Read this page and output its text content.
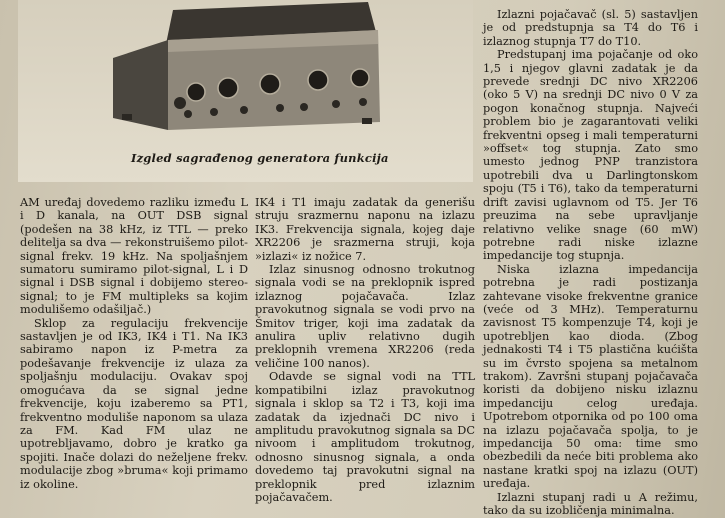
Izgled sagrađenog generatora funkcija

AM uređaj dovedemo razliku između L i D kanala, na OUT DSB signal (podešen na 38 kHz, iz TTL — preko delitelja sa dva — rekonstruišemo pilot-signal frekv. 19 kHz. Na spoljašnjem sumatoru sumiramo pilot-signal, L i D signal i DSB signal i dobijemo stereo-signal; to je FM multipleks sa kojim modulišemo odašiljač.)

Sklop za regulaciju frekvencije sastavljen je od IK3, IK4 i T1. Na IK3 sabiramo napon iz P-metra za podešavanje frekvencije iz ulaza za spoljašnju modulaciju. Ovakav spoj omogućava da se signal jedne frekvencije, koju izaberemo sa PT1, frekventno moduliše naponom sa ulaza za FM. Kad FM ulaz ne upotrebljavamo, dobro je kratko ga spojiti. Inače dolazi do neželjene frekv. modulacije zbog »bruma« koji primamo iz okoline.

IK4 i T1 imaju zadatak da generišu struju srazmernu naponu na izlazu IK3. Frekvencija signala, kojeg daje XR2206 je srazmerna struji, koja »izlazi« iz nožice 7.

Izlaz sinusnog odnosno trokutnog signala vodi se na preklopnik ispred izlaznog pojačavača. Izlaz pravokutnog signala se vodi prvo na Šmitov triger, koji ima zadatak da anulira upliv relativno dugih preklopnih vremena XR2206 (reda veličine 100 nanos).

Odavde se signal vodi na TTL kompatibilni izlaz pravokutnog signala i sklop sa T2 i T3, koji ima zadatak da izjednači DC nivo i amplitudu pravokutnog signala sa DC nivoom i amplitudom trokutnog, odnosno sinusnog signala, a onda dovedemo taj pravokutni signal na preklopnik pred izlaznim pojačavačem.

Izlazni pojačavač (sl. 5) sastavljen je od predstupnja sa T4 do T6 i izlaznog stupnja T7 do T10.

Predstupanj ima pojačanje od oko 1,5 i njegov glavni zadatak je da prevede srednji DC nivo XR2206 (oko 5 V) na srednji DC nivo 0 V za pogon konačnog stupnja. Najveći problem bio je zagarantovati veliki frekventni opseg i mali temperaturni »offset« tog stupnja. Zato smo umesto jednog PNP tranzistora upotrebili dva u Darlingtonskom spoju (T5 i T6), tako da temperaturni drift zavisi uglavnom od T5. Jer T6 preuzima na sebe upravljanje relativno velike snage (60 mW) potrebne radi niske izlazne impedancije tog stupnja.

Niska izlazna impedancija potrebna je radi postizanja zahtevane visoke frekventne granice (veće od 3 MHz). Temperaturnu zavisnost T5 kompenzuje T4, koji je upotrebljen kao dioda. (Zbog jednakosti T4 i T5 plastična kućišta su im čvrsto spojena sa metalnom trakom). Završni stupanj pojačavača koristi da dobijeno nisku izlaznu impedanciju celog uređaja. Upotrebom otpornika od po 100 oma na izlazu pojačavača spolja, to je impedancija 50 oma: time smo obezbedili da neće biti problema ako nastane kratki spoj na izlazu (OUT) uređaja.

Izlazni stupanj radi u A režimu, tako da su izobličenja minimalna.
